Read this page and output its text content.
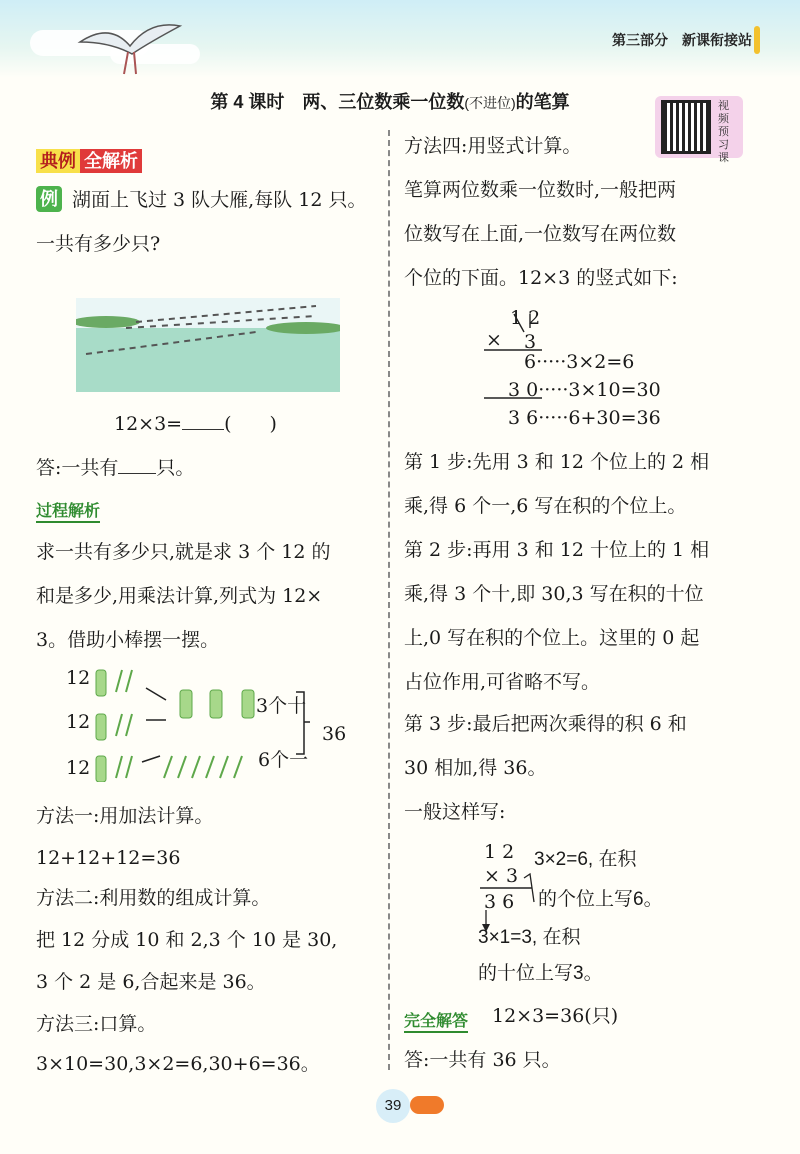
第三部分　新课衔接站
第 4 课时　两、三位数乘一位数(不进位)的笔算	视频预习课
典例 全解析
例 湖面上飞过 3 队大雁,每队 12 只。
一共有多少只?
12×3= (　　)
答:一共有 只。
过程解析
求一共有多少只,就是求 3 个 12 的
和是多少,用乘法计算,列式为 12×
3。借助小棒摆一摆。
12
12
12
3个十
6个一
36
方法一:用加法计算。
12+12+12=36
方法二:利用数的组成计算。
把 12 分成 10 和 2,3 个 10 是 30,
3 个 2 是 6,合起来是 36。
方法三:口算。
3×10=30,3×2=6,30+6=36。
方法四:用竖式计算。
笔算两位数乘一位数时,一般把两
位数写在上面,一位数写在两位数
个位的下面。12×3 的竖式如下:
1 2
× 3
6·····3×2=6
3 0·····3×10=30
3 6·····6+30=36
第 1 步:先用 3 和 12 个位上的 2 相
乘,得 6 个一,6 写在积的个位上。
第 2 步:再用 3 和 12 十位上的 1 相
乘,得 3 个十,即 30,3 写在积的十位
上,0 写在积的个位上。这里的 0 起
占位作用,可省略不写。
第 3 步:最后把两次乘得的积 6 和
30 相加,得 36。
一般这样写:
1 2
× 3
3 6
3×2=6, 在积
的个位上写6。
3×1=3, 在积
的十位上写3。
完全解答 12×3=36(只)
答:一共有 36 只。
39
